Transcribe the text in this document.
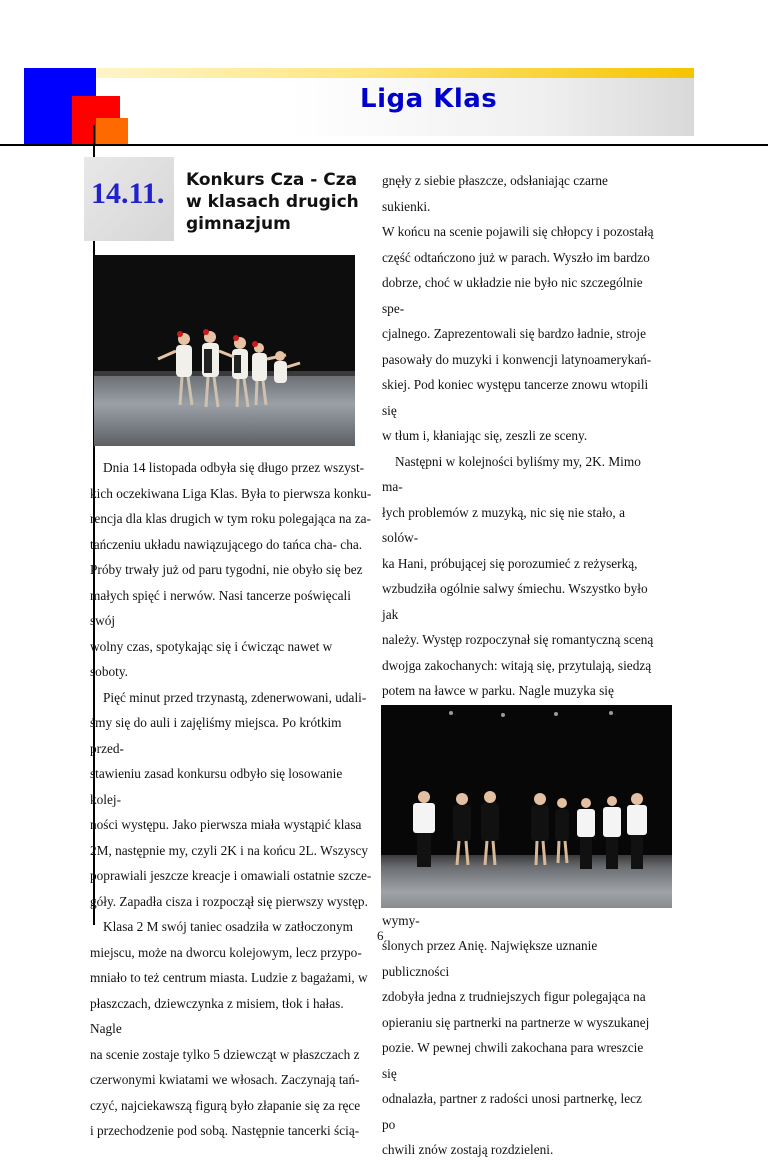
Liga Klas
14.11. Konkurs Cza - Cza w klasach drugich gimnazjum

Dnia 14 listopada odbyła się długo przez wszyst-

kich oczekiwana Liga Klas. Była to pierwsza konku-

rencja dla klas drugich w tym roku polegająca na za-

tańczeniu układu nawiązującego do tańca cha- cha.

Próby trwały już od paru tygodni, nie obyło się bez

małych spięć i nerwów. Nasi tancerze poświęcali swój

wolny czas, spotykając się i ćwicząc nawet w soboty.

Pięć minut przed trzynastą, zdenerwowani, udali-

śmy się do auli i zajęliśmy miejsca. Po krótkim przed-

stawieniu zasad konkursu odbyło się losowanie kolej-

ności występu. Jako pierwsza miała wystąpić klasa

2M, następnie my, czyli 2K i na końcu 2L. Wszyscy

poprawiali jeszcze kreacje i omawiali ostatnie szcze-

góły. Zapadła cisza i rozpoczął się pierwszy występ.

Klasa 2 M swój taniec osadziła w zatłoczonym

miejscu, może na dworcu kolejowym, lecz przypo-

mniało to też centrum miasta. Ludzie z bagażami, w

płaszczach, dziewczynka z misiem, tłok i hałas. Nagle

na scenie zostaje tylko 5 dziewcząt w płaszczach z

czerwonymi kwiatami we włosach. Zaczynają tań-

czyć, najciekawszą figurą było złapanie się za ręce

i przechodzenie pod sobą. Następnie tancerki ścią-

gnęły z siebie płaszcze, odsłaniając czarne sukienki.

W końcu na scenie pojawili się chłopcy i pozostałą

część odtańczono już w parach. Wyszło im bardzo

dobrze, choć w układzie nie było nic szczególnie spe-

cjalnego. Zaprezentowali się bardzo ładnie, stroje

pasowały do muzyki i konwencji latynoamerykań-

skiej. Pod koniec występu tancerze znowu wtopili się

w tłum i, kłaniając się, zeszli ze sceny.

Następni w kolejności byliśmy my, 2K. Mimo ma-

łych problemów z muzyką, nic się nie stało, a solów-

ka Hani, próbującej się porozumieć z reżyserką,

wzbudziła ogólnie salwy śmiechu. Wszystko było jak

należy. Występ rozpoczynał się romantyczną sceną

dwojga zakochanych: witają się, przytulają, siedzą

potem na ławce w parku. Nagle muzyka się

wymy-

ślonych przez Anię. Największe uznanie publiczności

zdobyła jedna z trudniejszych figur polegająca na

opieraniu się partnerki na partnerze w wyszukanej

pozie. W pewnej chwili zakochana para wreszcie się

odnalazła, partner z radości unosi partnerkę, lecz po

chwili znów zostają rozdzieleni.

6
